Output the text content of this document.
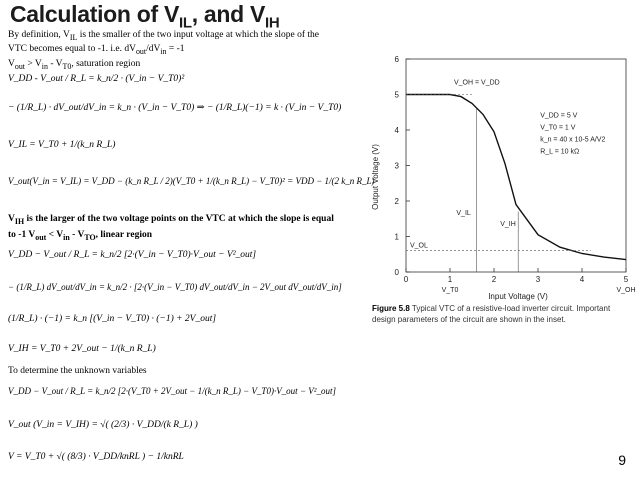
Calculation of $V_{IL}$, and $V_{IH}$
By definition, $V_{IL}$ is the smaller of the two input voltage at which the slope of the
VTC becomes equal to -1. i.e. $dV_{out}/dV_{in} = -1$
$V_{out} > V_{in} - V_{T0}$, saturation region
V_DD - V_out / R_L = k_n/2 · (V_in − V_T0)²
− (1/R_L) · dV_out/dV_in = k_n · (V_in − V_T0) ⇒ − (1/R_L)(−1) = k · (V_in − V_T0)
V_IL = V_T0 + 1/(k_n R_L)
V_out(V_in = V_IL) = V_DD − (k_n R_L / 2)(V_T0 + 1/(k_n R_L) − V_T0)² = VDD − 1/(2 k_n R_L)
$V_{IH}$ is the larger of the two voltage points on the VTC at which the slope is equal
to -1 $V_{out} < V_{in} - V_{TO}$, linear region
V_DD − V_out / R_L = k_n/2 [2·(V_in − V_T0)·V_out − V²_out]
− (1/R_L) dV_out/dV_in = k_n/2 · [2·(V_in − V_T0) dV_out/dV_in − 2V_out dV_out/dV_in]
(1/R_L) · (−1) = k_n [(V_in − V_T0) · (−1) + 2V_out]
V_IH = V_T0 + 2V_out − 1/(k_n R_L)
To determine the unknown variables
V_DD − V_out / R_L = k_n/2 [2·(V_T0 + 2V_out − 1/(k_n R_L) − V_T0)·V_out − V²_out]
V_out (V_in = V_IH) = √( (2/3) · V_DD/(k R_L) )
V = V_T0 + √( (8/3) · V_DD/knRL ) − 1/knRL
Output Voltage (V)
Input Voltage (V)
0
1
2
3
4
5
6
0	1	2	3	4	5
V_OH = V_DD
V_OL
V_IL
V_IH
V_T0	V_OH
V_DD = 5 V
V_T0 = 1 V
k_n = 40 x 10-5 A/V2
R_L = 10 kΩ
Figure 5.8 Typical VTC of a resistive-load inverter circuit. Important design parameters of the circuit are shown in the inset.
9
